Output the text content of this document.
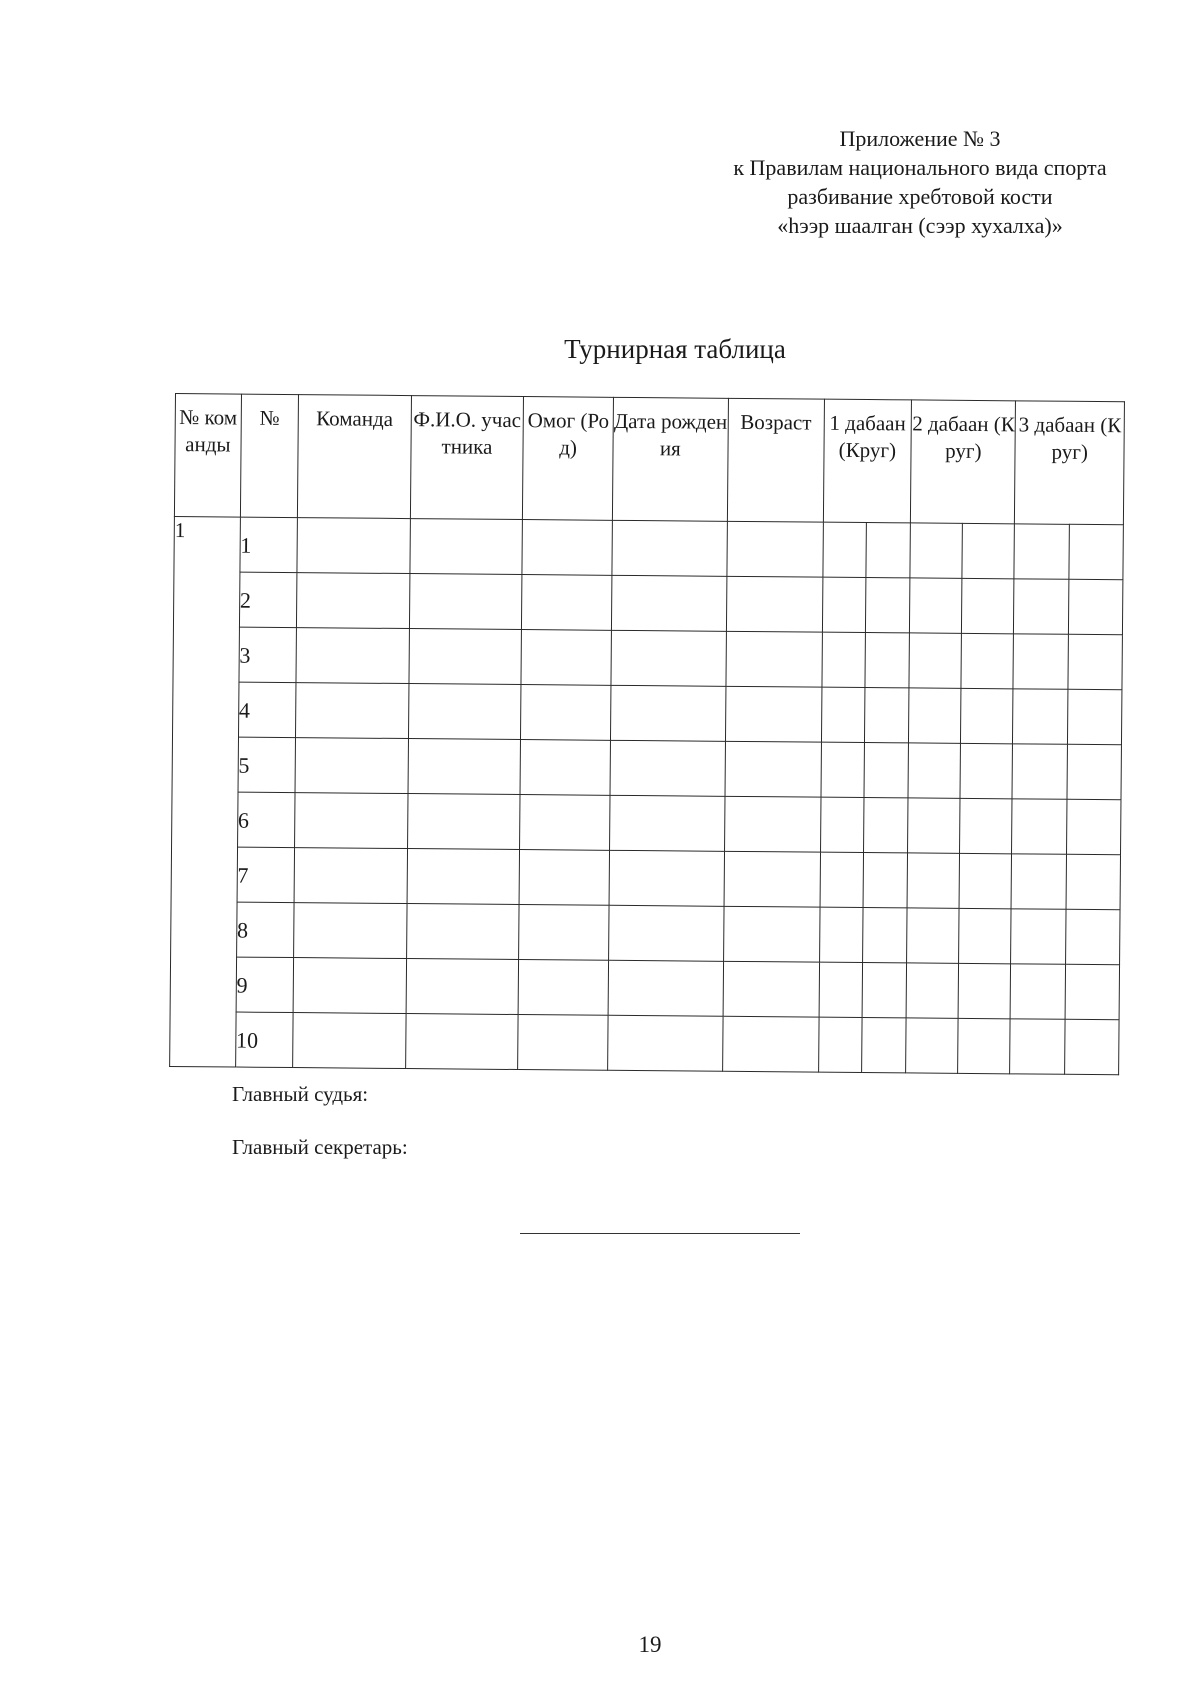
Приложение № 3
к Правилам национального вида спорта
разбивание хребтовой кости
«hээр шаалган (сээр хухалха)»
Турнирная таблица
№ команды	№	Команда	Ф.И.О. участника	Омог (Род)	Дата рождения	Возраст	1 дабаан (Круг)		2 дабаан (Круг)		3 дабаан (Круг)	
1	1											
	2											
	3											
	4											
	5											
	6											
	7											
	8											
	9											
	10											
Главный судья:
Главный секретарь:
19
